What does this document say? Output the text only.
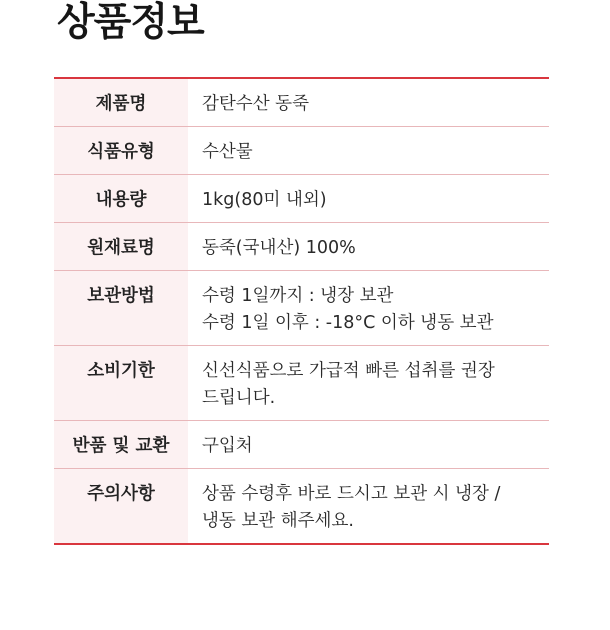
상품정보
제품명	감탄수산 동죽

식품유형	수산물

내용량	1kg(80미 내외)

원재료명	동죽(국내산) 100%

보관방법	수령 1일까지 : 냉장 보관
수령 1일 이후 : -18°C 이하 냉동 보관

소비기한	신선식품으로 가급적 빠른 섭취를 권장
드립니다.

반품 및 교환	구입처

주의사항	상품 수령후 바로 드시고 보관 시 냉장 /
냉동 보관 해주세요.
